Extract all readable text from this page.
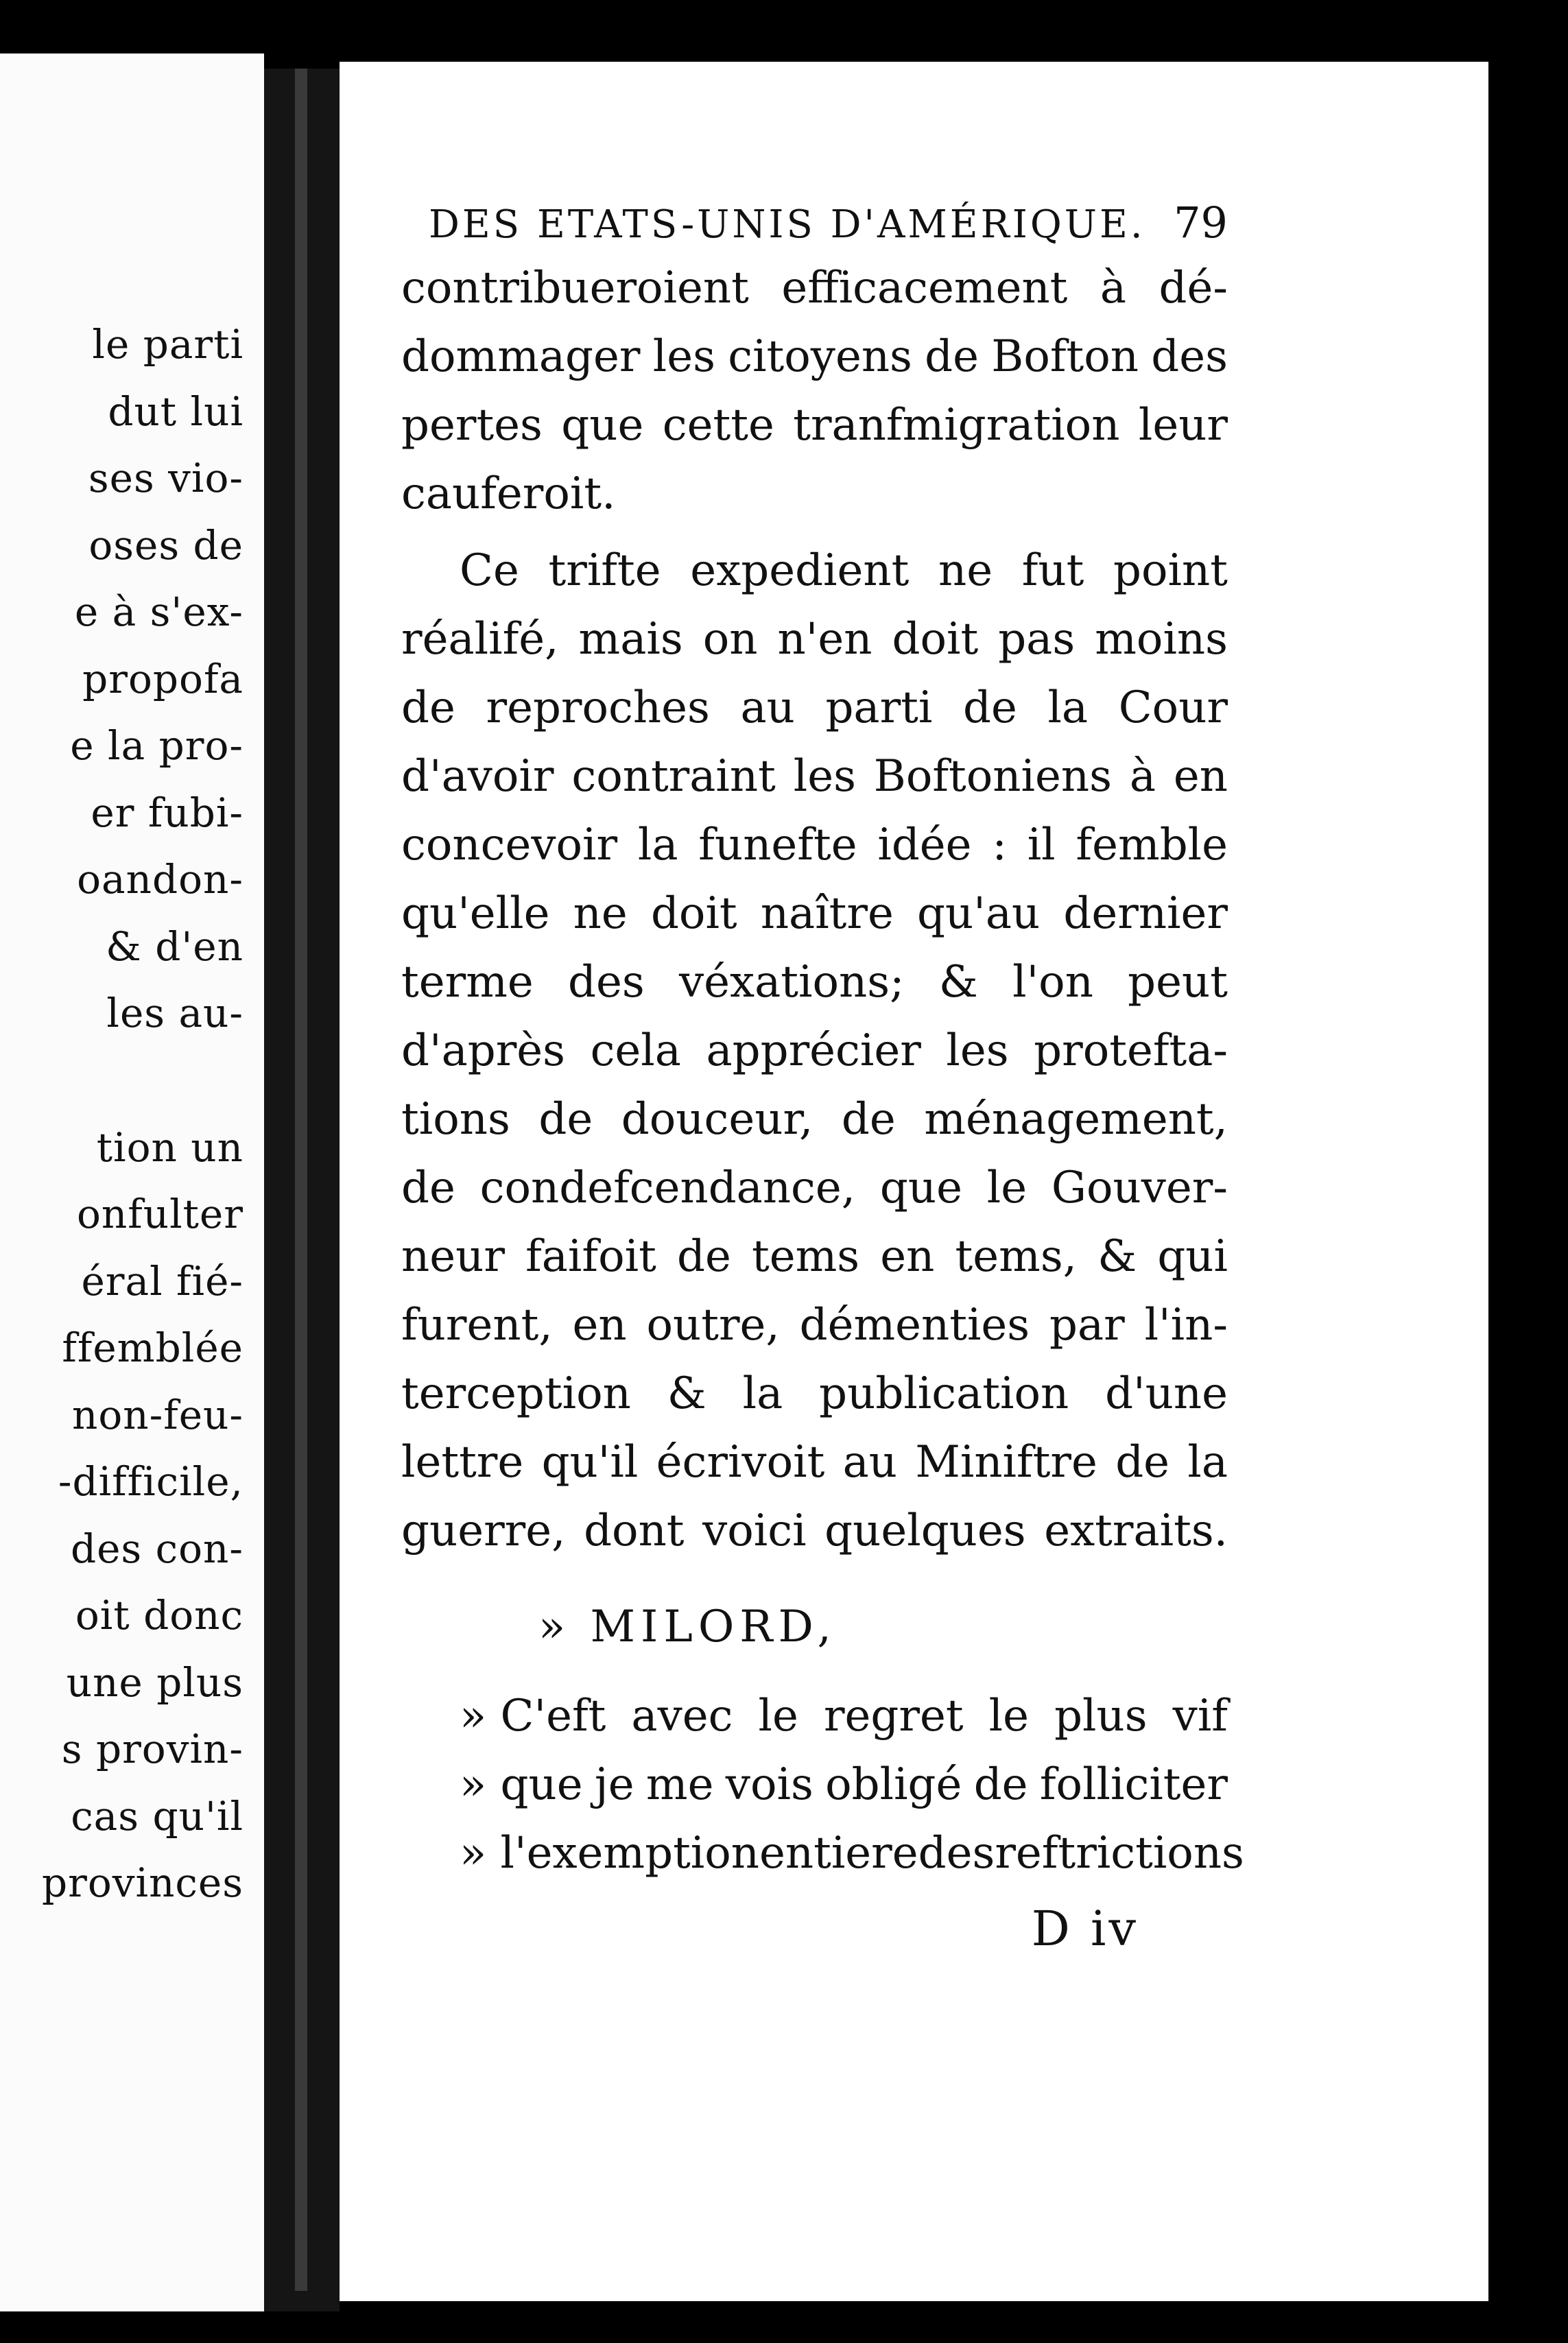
le parti
dut lui
ses vio-
oses de
e à s'ex-
propofa
e la pro-
er fubi-
oandon-
& d'en
les au-
tion un
onfulter
éral fié-
ffemblée
non-feu-
-difficile,
des con-
oit donc
une plus
s provin-
cas qu'il
provinces
DES ETATS-UNIS D'AMÉRIQUE. 79
contribueroient efficacement à dé-
dommager les citoyens de Bofton des
pertes que cette tranfmigration leur
cauferoit.
Ce trifte expedient ne fut point
réalifé, mais on n'en doit pas moins
de reproches au parti de la Cour
d'avoir contraint les Boftoniens à en
concevoir la funefte idée : il femble
qu'elle ne doit naître qu'au dernier
terme des véxations; & l'on peut
d'après cela apprécier les protefta-
tions de douceur, de ménagement,
de condefcendance, que le Gouver-
neur faifoit de tems en tems, & qui
furent, en outre, démenties par l'in-
terception & la publication d'une
lettre qu'il écrivoit au Miniftre de la
guerre, dont voici quelques extraits.
» MILORD,
» C'eft avec le regret le plus vif
» que je me vois obligé de folliciter
» l'exemption entiere des reftrictions
D iv
